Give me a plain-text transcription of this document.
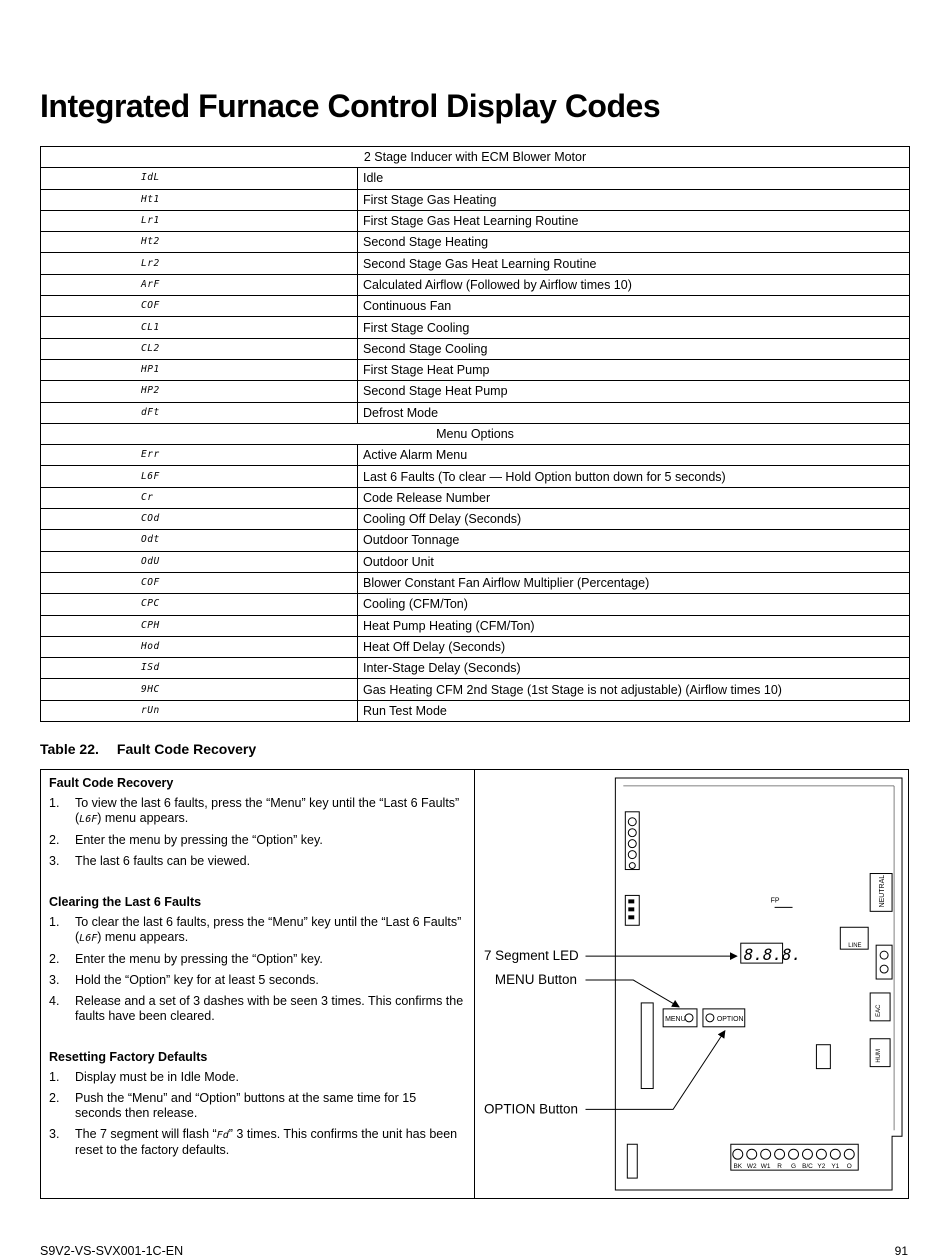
Integrated Furnace Control Display Codes
2 Stage Inducer with ECM Blower Motor	
IdL	Idle
Ht1	First Stage Gas Heating
Lr1	First Stage Gas Heat Learning Routine
Ht2	Second Stage Heating
Lr2	Second Stage Gas Heat Learning Routine
ArF	Calculated Airflow (Followed by Airflow times 10)
COF	Continuous Fan
CL1	First Stage Cooling
CL2	Second Stage Cooling
HP1	First Stage Heat Pump
HP2	Second Stage Heat Pump
dFt	Defrost Mode
Menu Options	
Err	Active Alarm Menu
L6F	Last 6 Faults (To clear — Hold Option button down for 5 seconds)
Cr	Code Release Number
COd	Cooling Off Delay (Seconds)
Odt	Outdoor Tonnage
OdU	Outdoor Unit
COF	Blower Constant Fan Airflow Multiplier (Percentage)
CPC	Cooling (CFM/Ton)
CPH	Heat Pump Heating (CFM/Ton)
Hod	Heat Off Delay (Seconds)
ISd	Inter-Stage Delay (Seconds)
9HC	Gas Heating CFM 2nd Stage (1st Stage is not adjustable) (Airflow times 10)
rUn	Run Test Mode
Table 22. Fault Code Recovery
Fault Code Recovery
1. To view the last 6 faults, press the “Menu” key until the “Last 6 Faults” (L6F) menu appears.
2. Enter the menu by pressing the “Option” key.
3. The last 6 faults can be viewed.
Clearing the Last 6 Faults
1. To clear the last 6 faults, press the “Menu” key until the “Last 6 Faults” (L6F) menu appears.
2. Enter the menu by pressing the “Option” key.
3. Hold the “Option” key for at least 5 seconds.
4. Release and a set of 3 dashes with be seen 3 times. This confirms the faults have been cleared.
Resetting Factory Defaults
1. Display must be in Idle Mode.
2. Push the “Menu” and “Option” buttons at the same time for 15 seconds then release.
3. The 7 segment will flash “Fd” 3 times. This confirms the unit has been reset to the factory defaults.
NEUTRAL
LINE
FP
EAC
HUM
8.8.8.
MENU	OPTION
BK W2 W1 R G B/C Y2 Y1 O
7 Segment LED
MENU Button
OPTION Button
S9V2-VS-SVX001-1C-EN	91
